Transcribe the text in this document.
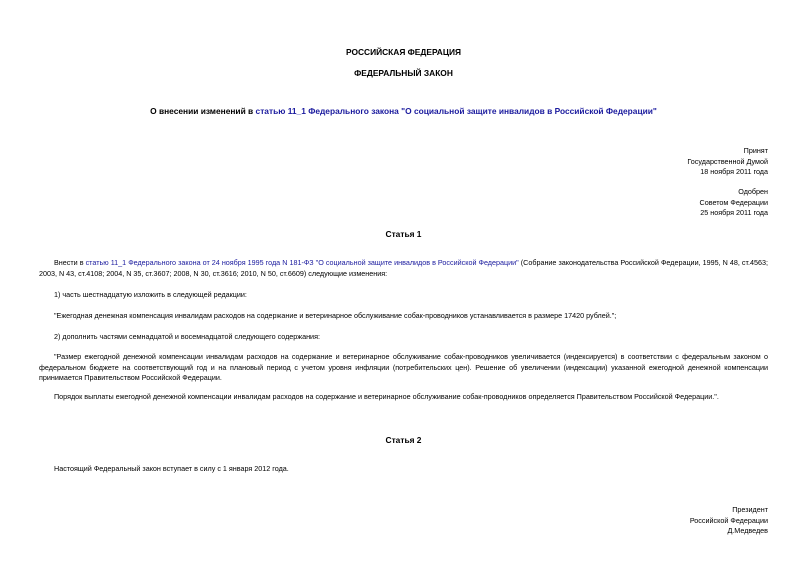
РОССИЙСКАЯ ФЕДЕРАЦИЯ
ФЕДЕРАЛЬНЫЙ ЗАКОН
О внесении изменений в статью 11_1 Федерального закона "О социальной защите инвалидов в Российской Федерации"
Принят
Государственной Думой
18 ноября 2011 года
Одобрен
Советом Федерации
25 ноября 2011 года
Статья 1
Внести в статью 11_1 Федерального закона от 24 ноября 1995 года N 181-ФЗ "О социальной защите инвалидов в Российской Федерации" (Собрание законодательства Российской Федерации, 1995, N 48, ст.4563; 2003, N 43, ст.4108; 2004, N 35, ст.3607; 2008, N 30, ст.3616; 2010, N 50, ст.6609) следующие изменения:
1) часть шестнадцатую изложить в следующей редакции:
"Ежегодная денежная компенсация инвалидам расходов на содержание и ветеринарное обслуживание собак-проводников устанавливается в размере 17420 рублей.";
2) дополнить частями семнадцатой и восемнадцатой следующего содержания:
"Размер ежегодной денежной компенсации инвалидам расходов на содержание и ветеринарное обслуживание собак-проводников увеличивается (индексируется) в соответствии с федеральным законом о федеральном бюджете на соответствующий год и на плановый период с учетом уровня инфляции (потребительских цен). Решение об увеличении (индексации) указанной ежегодной денежной компенсации принимается Правительством Российской Федерации.
Порядок выплаты ежегодной денежной компенсации инвалидам расходов на содержание и ветеринарное обслуживание собак-проводников определяется Правительством Российской Федерации.".
Статья 2
Настоящий Федеральный закон вступает в силу с 1 января 2012 года.
Президент
Российской Федерации
Д.Медведев
